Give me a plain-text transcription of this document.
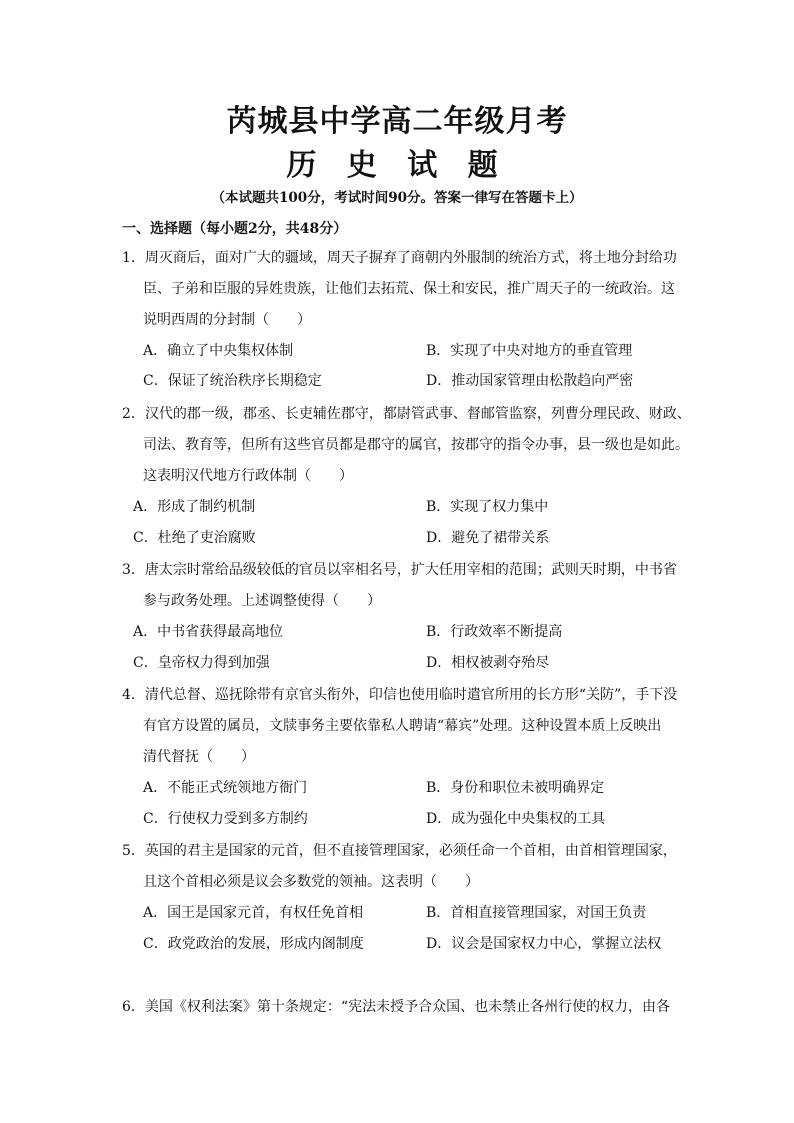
芮城县中学高二年级月考
历 史 试 题
（本试题共100分，考试时间90分。答案一律写在答题卡上）
一、选择题（每小题2分，共48分）
1．周灭商后，面对广大的疆域，周天子摒弃了商朝内外服制的统治方式，将土地分封给功
臣、子弟和臣服的异姓贵族，让他们去拓荒、保土和安民，推广周天子的一统政治。这
说明西周的分封制（　　）
A．确立了中央集权体制	B．实现了中央对地方的垂直管理
C．保证了统治秩序长期稳定	D．推动国家管理由松散趋向严密
2．汉代的郡一级，郡丞、长吏辅佐郡守，都尉管武事、督邮管监察，列曹分理民政、财政、
司法、教育等，但所有这些官员都是郡守的属官，按郡守的指令办事，县一级也是如此。
这表明汉代地方行政体制（　　）
A．形成了制约机制	B．实现了权力集中
C．杜绝了吏治腐败	D．避免了裙带关系
3．唐太宗时常给品级较低的官员以宰相名号，扩大任用宰相的范围；武则天时期，中书省
参与政务处理。上述调整使得（　　）
A．中书省获得最高地位	B．行政效率不断提高
C．皇帝权力得到加强	D．相权被剥夺殆尽
4．清代总督、巡抚除带有京官头衔外，印信也使用临时遣官所用的长方形“关防”，手下没
有官方设置的属员，文牍事务主要依靠私人聘请“幕宾”处理。这种设置本质上反映出
清代督抚（　　）
A．不能正式统领地方衙门	B．身份和职位未被明确界定
C．行使权力受到多方制约	D．成为强化中央集权的工具
5．英国的君主是国家的元首，但不直接管理国家，必须任命一个首相，由首相管理国家，
且这个首相必须是议会多数党的领袖。这表明（　　）
A．国王是国家元首，有权任免首相	B．首相直接管理国家，对国王负责
C．政党政治的发展，形成内阁制度	D．议会是国家权力中心，掌握立法权
6．美国《权利法案》第十条规定：“宪法未授予合众国、也未禁止各州行使的权力，由各
